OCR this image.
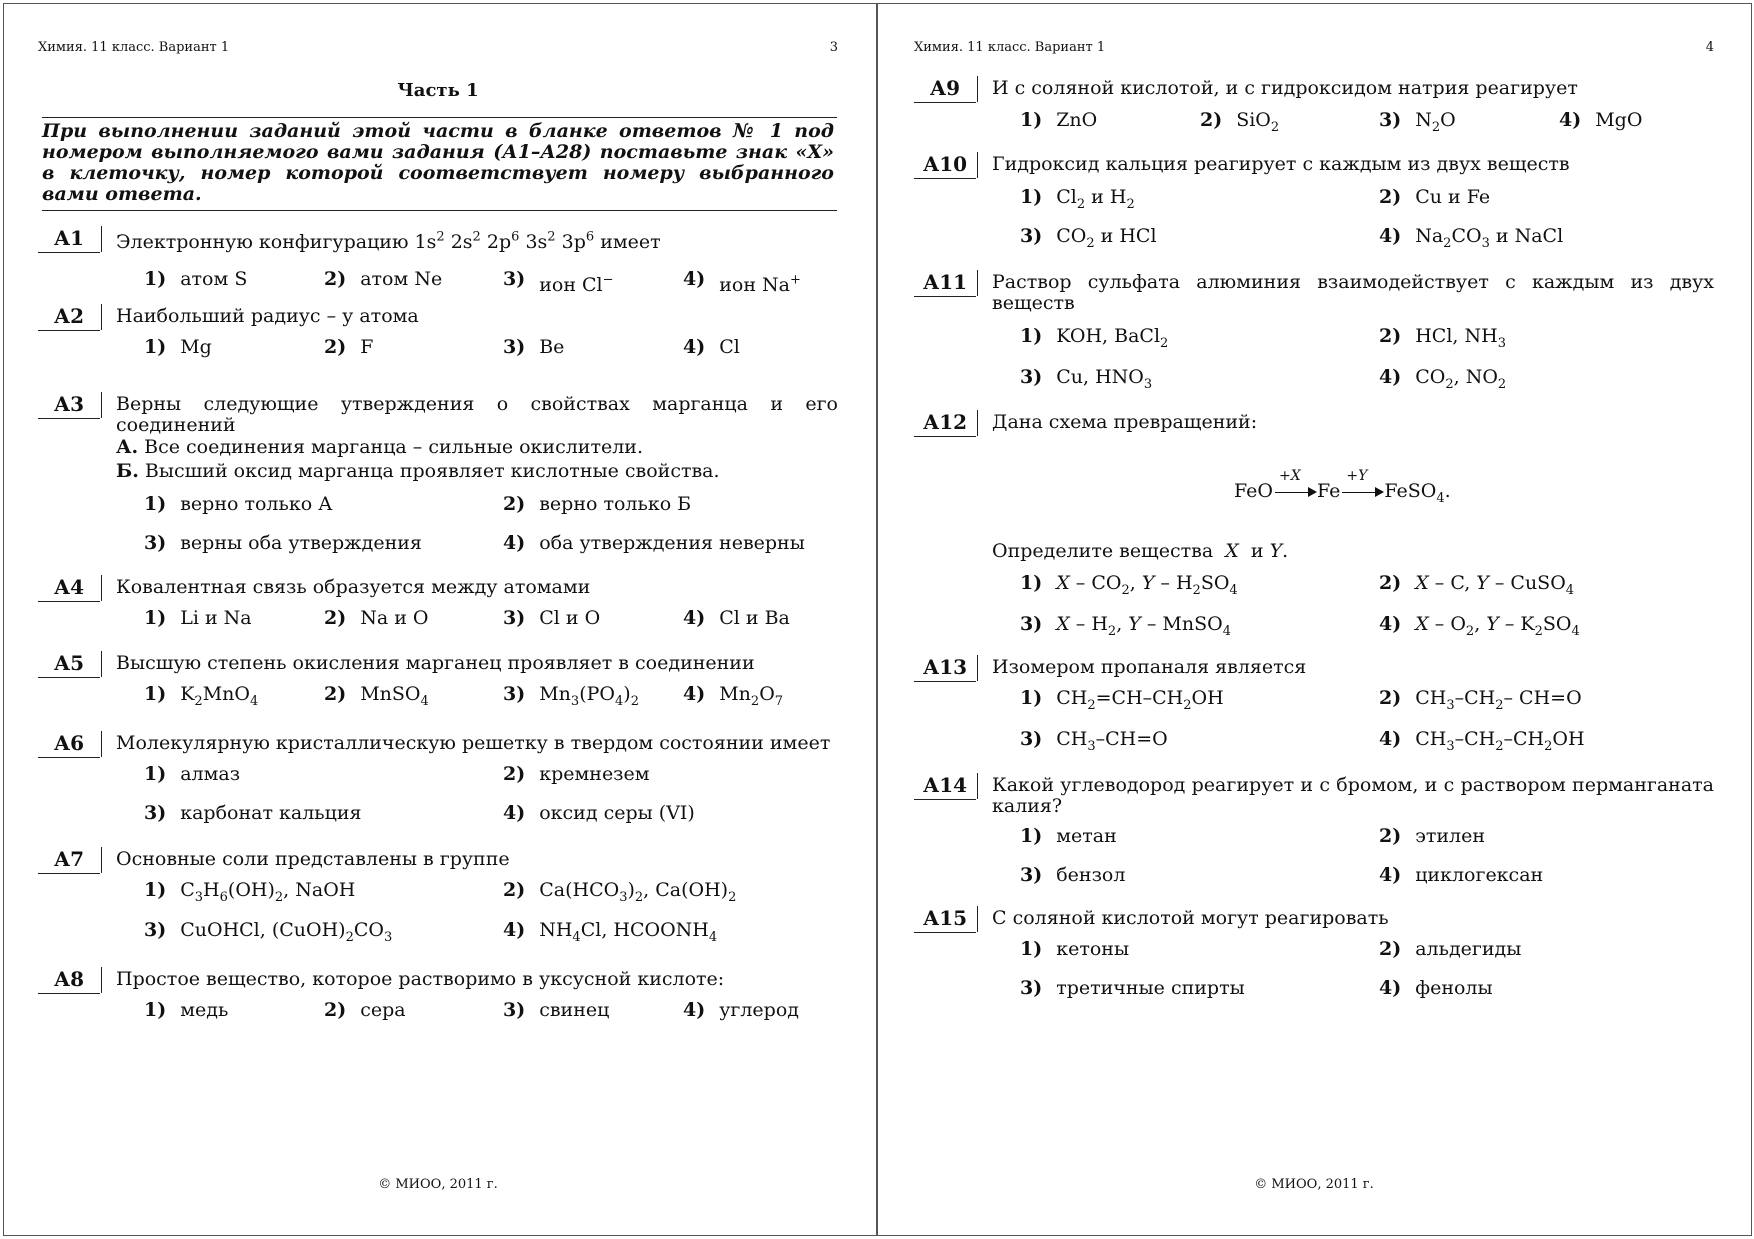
Химия. 11 класс. Вариант 1	3
Часть 1
При выполнении заданий этой части в бланке ответов № 1 под номером выполняемого вами задания (А1–А28) поставьте знак «Х» в клеточку, номер которой соответствует номеру выбранного вами ответа.
А1	Электронную конфигурацию $1s^2$ $2s^2$ $2p^6$ $3s^2$ $3p^6$ имеет
1) атом S	2) атом Ne	3) ион Cl−	4) ион Na+
А2	Наибольший радиус – у атома
1) Mg	2) F	3) Be	4) Cl
А3	Верны следующие утверждения о свойствах марганца и его соединений
А. Все соединения марганца – сильные окислители.
Б. Высший оксид марганца проявляет кислотные свойства.
1) верно только А	2) верно только Б
3) верны оба утверждения	4) оба утверждения неверны
А4	Ковалентная связь образуется между атомами
1) Li и Na	2) Na и O	3) Cl и O	4) Cl и Ba
А5	Высшую степень окисления марганец проявляет в соединении
1) $K_2MnO_4$	2) MnSO$_4$	3) $Mn_3(PO_4)_2$ 4) $Mn_2O_7$
А6	Молекулярную кристаллическую решетку в твердом состоянии имеет
1) алмаз	2) кремнезем
3) карбонат кальция	4) оксид серы (VI)
А7	Основные соли представлены в группе
1) $C_3H_6(OH)_2$, NaOH	2) $Ca(HCO_3)_2$, $Ca(OH)_2$
3) CuOHCl, $(CuOH)_2CO_3$	4) $NH_4Cl$, $HCOONH_4$
А8	Простое вещество, которое растворимо в уксусной кислоте:
1) медь	2) сера	3) свинец	4) углерод
© МИОО, 2011 г.
Химия. 11 класс. Вариант 1	4
А9	И с соляной кислотой, и с гидроксидом натрия реагирует
1) ZnO	2) SiO$_2$	3) $N_2O$	4) MgO
А10	Гидроксид кальция реагирует с каждым из двух веществ
1) $Cl_2$ и $H_2$	2) Cu и Fe
3) $CO_2$ и HCl	4) $Na_2CO_3$ и NaCl
А11	Раствор сульфата алюминия взаимодействует с каждым из двух веществ
1) KOH, BaCl$_2$	2) HCl, $NH_3$
3) Cu, $HNO_3$	4) $CO_2$, $NO_2$
А12	Дана схема превращений:
FeO
+X
Fe
+Y
FeSO$_4$.
Определите вещества X  и Y.
1) X – $CO_2$, Y – $H_2SO_4$	2) X – C, Y – CuSO$_4$
3) X – $H_2$, Y – MnSO$_4$	4) X – $O_2$, Y – $K_2SO_4$
А13	Изомером пропаналя является
1) $CH_2=CH-CH_2OH$	2) $CH_3-CH_2-$ CH=O
3) $CH_3-CH=O$	4) $CH_3-CH_2-CH_2OH$
А14	Какой углеводород реагирует и с бромом, и с раствором перманганата калия?
1) метан	2) этилен
3) бензол	4) циклогексан
А15	С соляной кислотой могут реагировать
1) кетоны	2) альдегиды
3) третичные спирты	4) фенолы
© МИОО, 2011 г.
